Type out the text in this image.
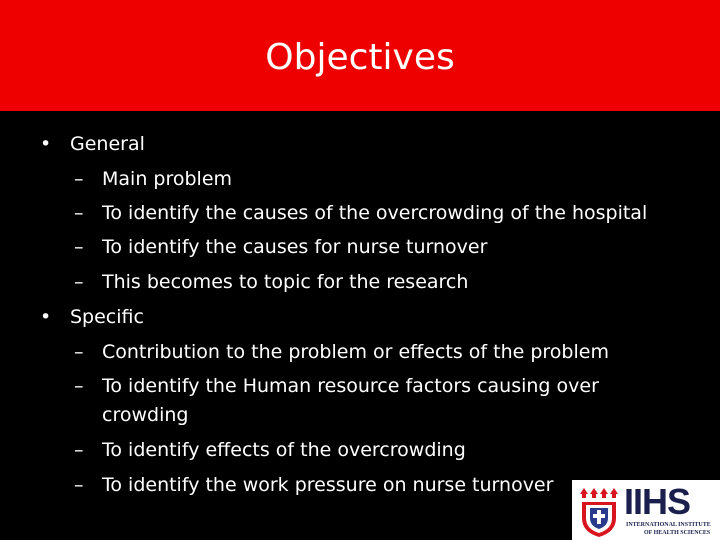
Objectives
• General
– Main problem
– To identify the causes of the overcrowding of the hospital
– To identify the causes for nurse turnover
– This becomes to topic for the research
• Specific
– Contribution to the problem or effects of the problem
– To identify the Human resource factors causing over
crowding
– To identify effects of the overcrowding
– To identify the work pressure on nurse turnover IIHS
INTERNATIONAL INSTITUTE
OF HEALTH SCIENCES
